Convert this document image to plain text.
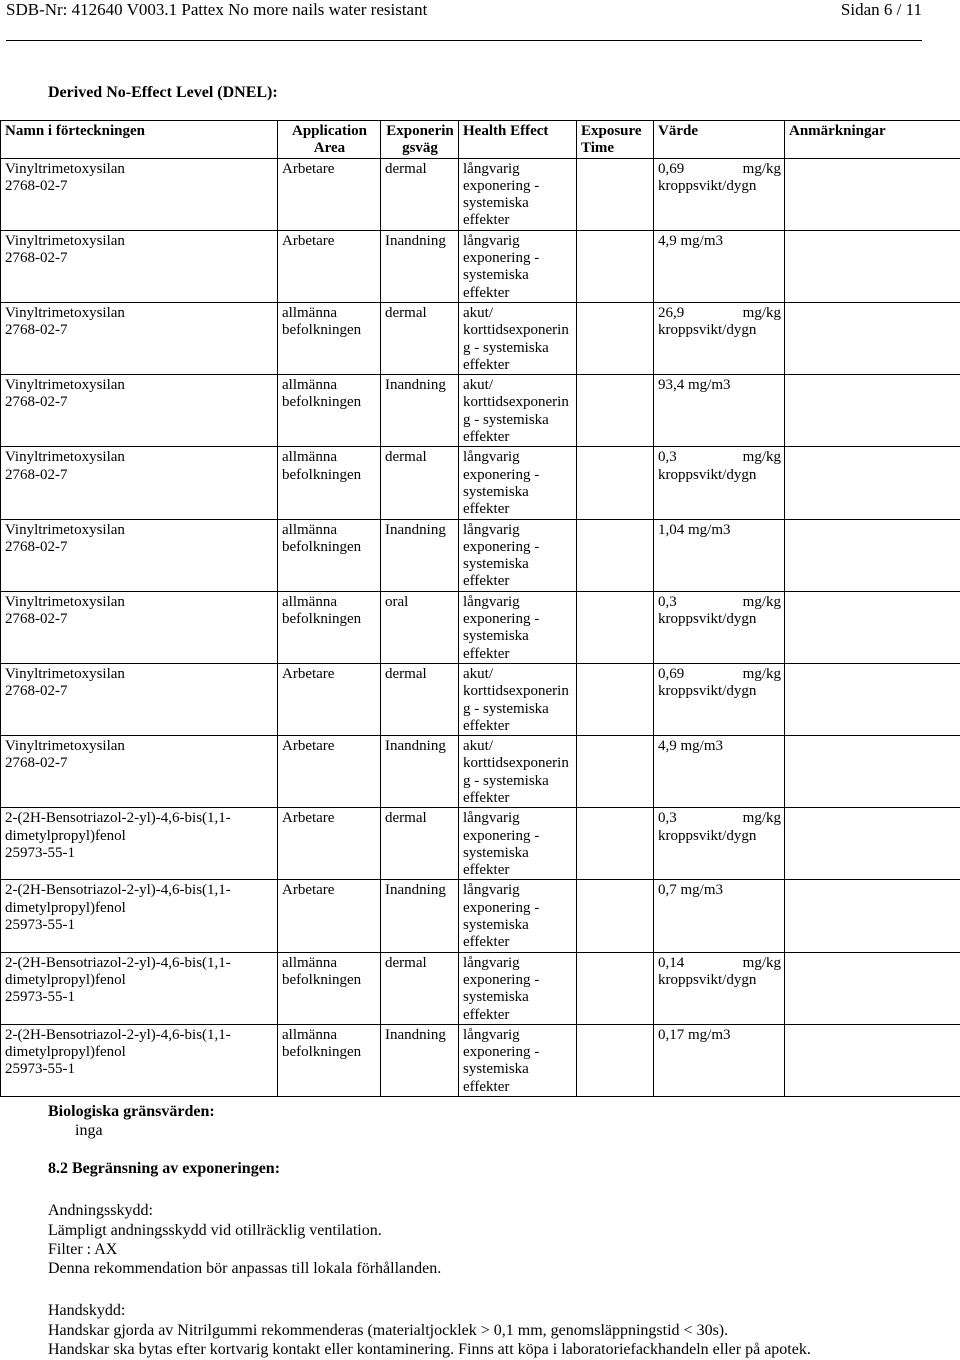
SDB-Nr: 412640 V003.1 Pattex No more nails water resistant	Sidan 6 / 11
Derived No-Effect Level (DNEL):
Namn i förteckningen	Application Area	Exponerin gsväg	Health Effect	Exposure Time	Värde	Anmärkningar

Vinyltrimetoxysilan
2768-02-7	Arbetare	dermal	långvarig exponering - systemiska effekter		0,69 mg/kg kroppsvikt/dygn	

Vinyltrimetoxysilan
2768-02-7	Arbetare	Inandning	långvarig exponering - systemiska effekter		4,9 mg/m3	

Vinyltrimetoxysilan
2768-02-7	allmänna befolkningen	dermal	akut/ korttidsexponerin g - systemiska effekter		26,9 mg/kg kroppsvikt/dygn	

Vinyltrimetoxysilan
2768-02-7	allmänna befolkningen	Inandning	akut/ korttidsexponerin g - systemiska effekter		93,4 mg/m3	

Vinyltrimetoxysilan
2768-02-7	allmänna befolkningen	dermal	långvarig exponering - systemiska effekter		0,3 mg/kg kroppsvikt/dygn	

Vinyltrimetoxysilan
2768-02-7	allmänna befolkningen	Inandning	långvarig exponering - systemiska effekter		1,04 mg/m3	

Vinyltrimetoxysilan
2768-02-7	allmänna befolkningen	oral	långvarig exponering - systemiska effekter		0,3 mg/kg kroppsvikt/dygn	

Vinyltrimetoxysilan
2768-02-7	Arbetare	dermal	akut/ korttidsexponerin g - systemiska effekter		0,69 mg/kg kroppsvikt/dygn	

Vinyltrimetoxysilan
2768-02-7	Arbetare	Inandning	akut/ korttidsexponerin g - systemiska effekter		4,9 mg/m3	

2-(2H-Bensotriazol-2-yl)-4,6-bis(1,1-dimetylpropyl)fenol
25973-55-1	Arbetare	dermal	långvarig exponering - systemiska effekter		0,3 mg/kg kroppsvikt/dygn	

2-(2H-Bensotriazol-2-yl)-4,6-bis(1,1-dimetylpropyl)fenol
25973-55-1	Arbetare	Inandning	långvarig exponering - systemiska effekter		0,7 mg/m3	

2-(2H-Bensotriazol-2-yl)-4,6-bis(1,1-dimetylpropyl)fenol
25973-55-1	allmänna befolkningen	dermal	långvarig exponering - systemiska effekter		0,14 mg/kg kroppsvikt/dygn	

2-(2H-Bensotriazol-2-yl)-4,6-bis(1,1-dimetylpropyl)fenol
25973-55-1	allmänna befolkningen	Inandning	långvarig exponering - systemiska effekter		0,17 mg/m3	
Biologiska gränsvärden:
inga
8.2 Begränsning av exponeringen:
Andningsskydd:
Lämpligt andningsskydd vid otillräcklig ventilation.
Filter : AX
Denna rekommendation bör anpassas till lokala förhållanden.
Handskydd:
Handskar gjorda av Nitrilgummi rekommenderas (materialtjocklek > 0,1 mm, genomsläppningstid < 30s).
Handskar ska bytas efter kortvarig kontakt eller kontaminering. Finns att köpa i laboratoriefackhandeln eller på apotek.
